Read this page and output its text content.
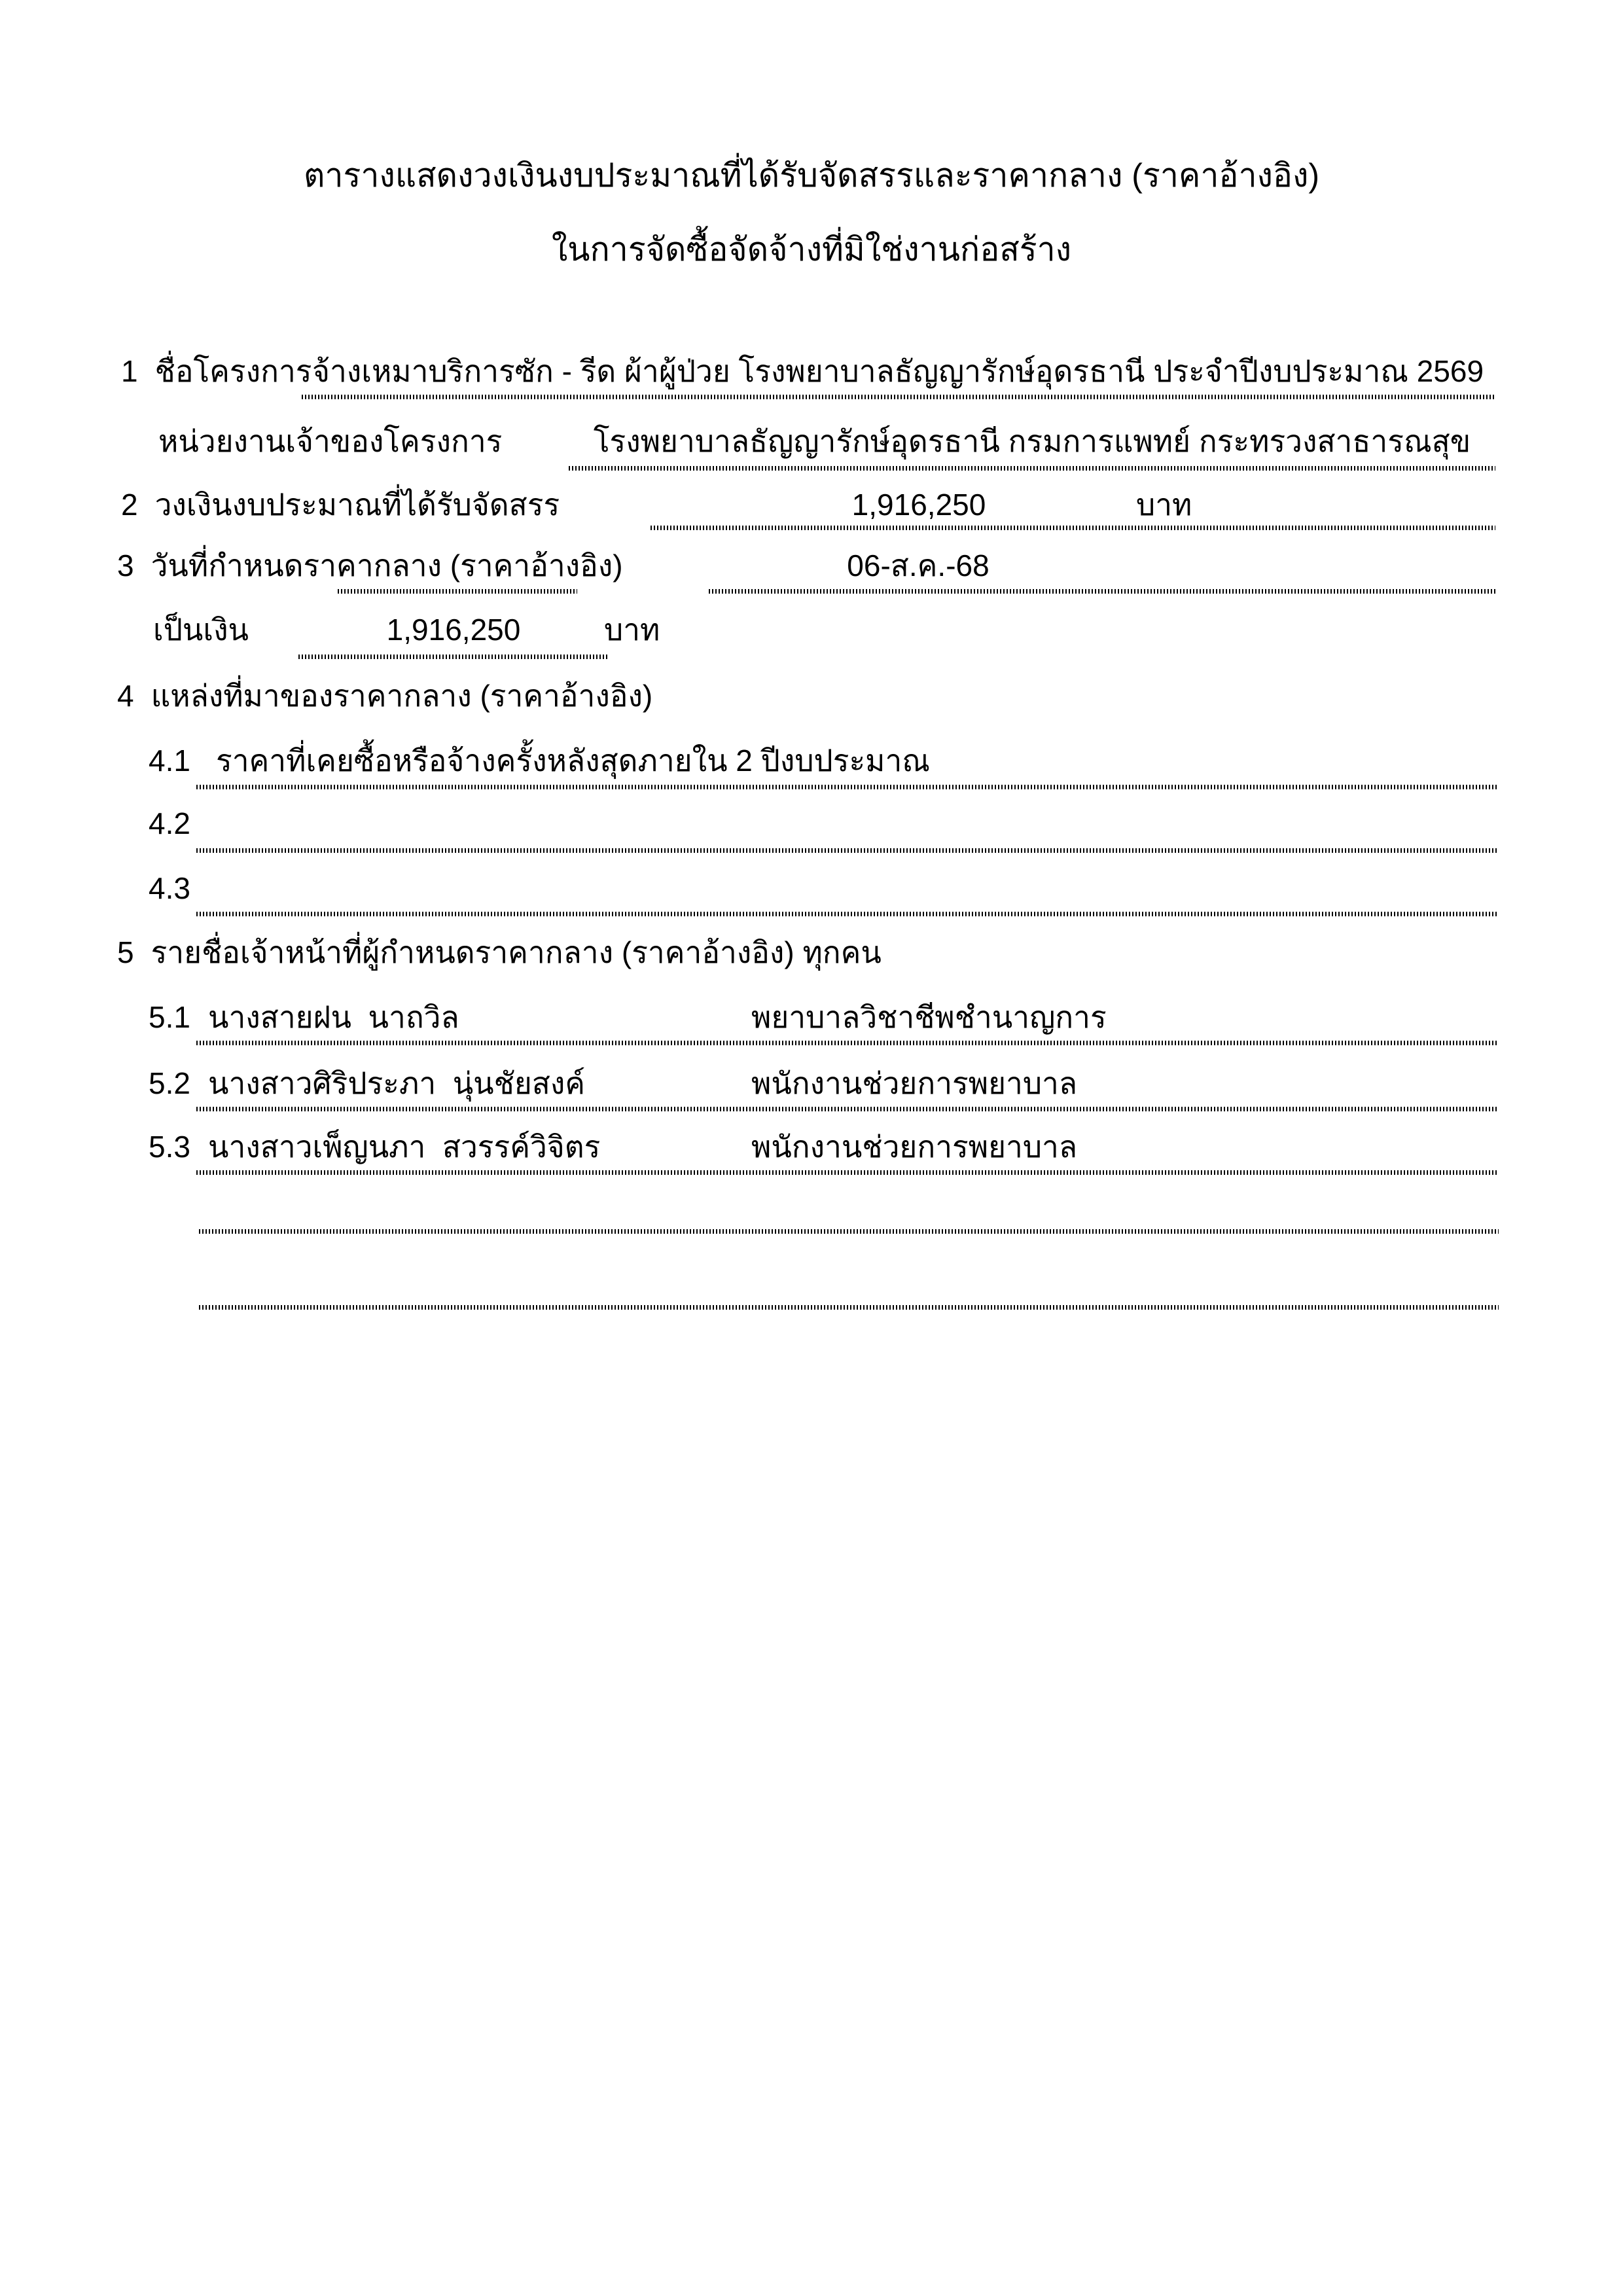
ตารางแสดงวงเงินงบประมาณที่ได้รับจัดสรรและราคากลาง (ราคาอ้างอิง)
ในการจัดซื้อจัดจ้างที่มิใช่งานก่อสร้าง
1 ชื่อโครงการ จ้างเหมาบริการซัก - รีด ผ้าผู้ป่วย โรงพยาบาลธัญญารักษ์อุดรธานี ประจำปีงบประมาณ 2569
หน่วยงานเจ้าของโครงการ	โรงพยาบาลธัญญารักษ์อุดรธานี กรมการแพทย์ กระทรวงสาธารณสุข
2 วงเงินงบประมาณที่ได้รับจัดสรร	1,916,250	บาท
3 วันที่กำหนดราคากลาง (ราคาอ้างอิง)	06-ส.ค.-68
เป็นเงิน	1,916,250	บาท
4 แหล่งที่มาของราคากลาง (ราคาอ้างอิง)
4.1 ราคาที่เคยซื้อหรือจ้างครั้งหลังสุดภายใน 2 ปีงบประมาณ
4.2
4.3
5 รายชื่อเจ้าหน้าที่ผู้กำหนดราคากลาง (ราคาอ้างอิง) ทุกคน
5.1 นางสายฝน  นาถวิล	พยาบาลวิชาชีพชำนาญการ
5.2 นางสาวศิริประภา  นุ่นชัยสงค์	พนักงานช่วยการพยาบาล
5.3 นางสาวเพ็ญนภา  สวรรค์วิจิตร	พนักงานช่วยการพยาบาล
